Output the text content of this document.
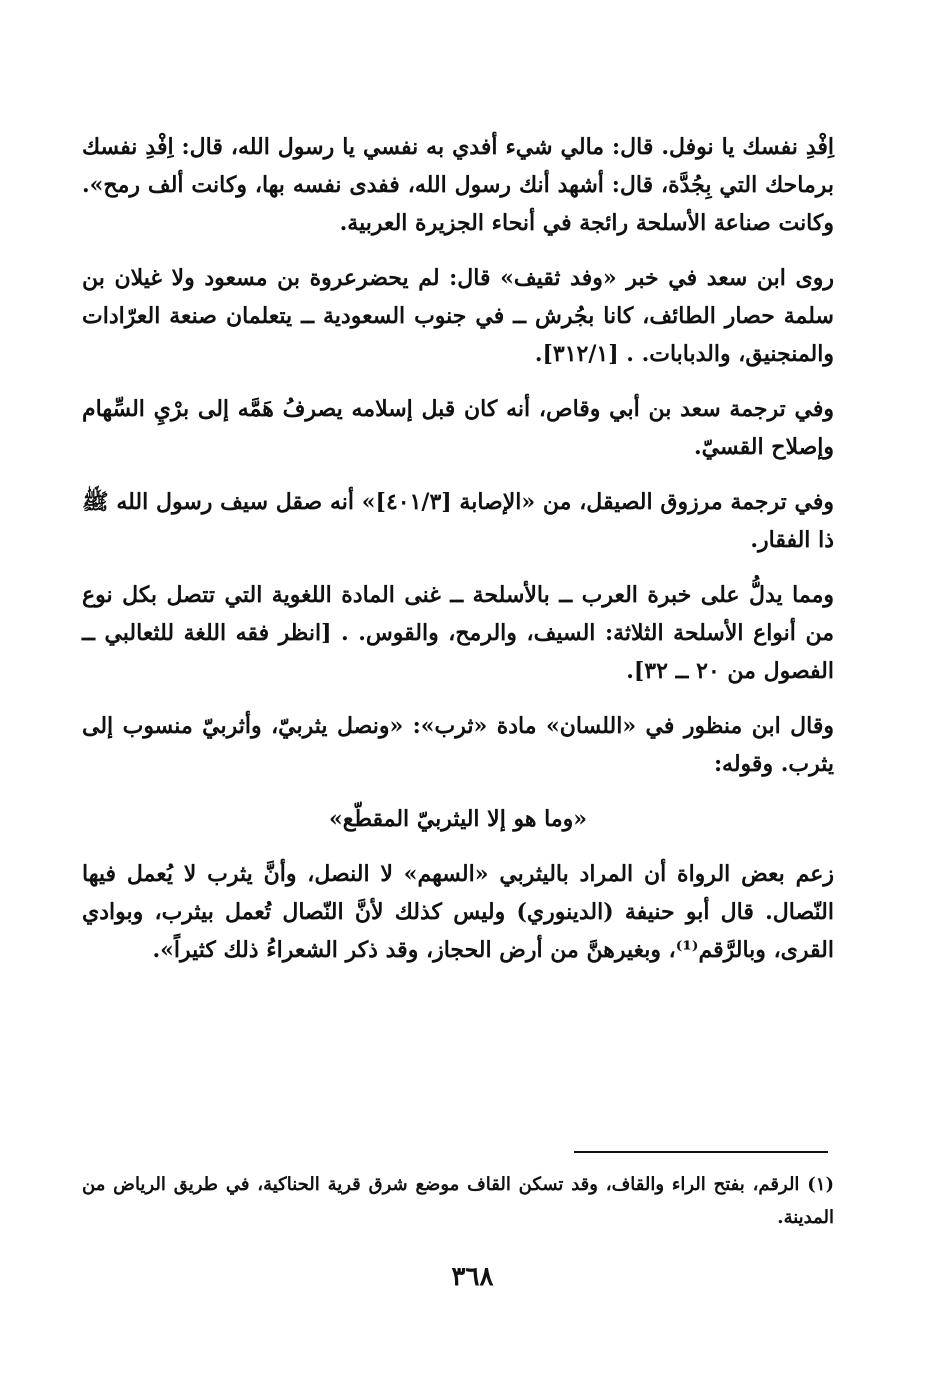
اِفْدِ نفسك يا نوفل. قال: مالي شيء أفدي به نفسي يا رسول الله، قال: اِفْدِ نفسك برماحك التي بِجُدَّة، قال: أشهد أنك رسول الله، ففدى نفسه بها، وكانت ألف رمح». وكانت صناعة الأسلحة رائجة في أنحاء الجزيرة العربية.

روى ابن سعد في خبر «وفد ثقيف» قال: لم يحضرعروة بن مسعود ولا غيلان بن سلمة حصار الطائف، كانا بجُرش ــ في جنوب السعودية ــ يتعلمان صنعة العرّادات والمنجنيق، والدبابات. . [٣١٢/١].

وفي ترجمة سعد بن أبي وقاص، أنه كان قبل إسلامه يصرفُ هَمَّه إلى برْيِ السِّهام وإصلاح القسيّ.

وفي ترجمة مرزوق الصيقل، من «الإصابة [٤٠١/٣]» أنه صقل سيف رسول الله ﷺ ذا الفقار.

ومما يدلُّ على خبرة العرب ــ بالأسلحة ــ غنى المادة اللغوية التي تتصل بكل نوع من أنواع الأسلحة الثلاثة: السيف، والرمح، والقوس. . [انظر فقه اللغة للثعالبي ــ الفصول من ٢٠ ــ ٣٢].

وقال ابن منظور في «اللسان» مادة «ثرب»: «ونصل يثربيّ، وأثربيّ منسوب إلى يثرب. وقوله:

«وما هو إلا اليثربيّ المقطّع»

زعم بعض الرواة أن المراد باليثربي «السهم» لا النصل، وأنَّ يثرب لا يُعمل فيها النّصال. قال أبو حنيفة (الدينوري) وليس كذلك لأنَّ النّصال تُعمل بيثرب، وبوادي القرى، وبالرَّقم⁽¹⁾، وبغيرهنَّ من أرض الحجاز، وقد ذكر الشعراءُ ذلك كثيراً».

(١) الرقم، بفتح الراء والقاف، وقد تسكن القاف موضع شرق قرية الحناكية، في طريق الرياض من المدينة.

٣٦٨
